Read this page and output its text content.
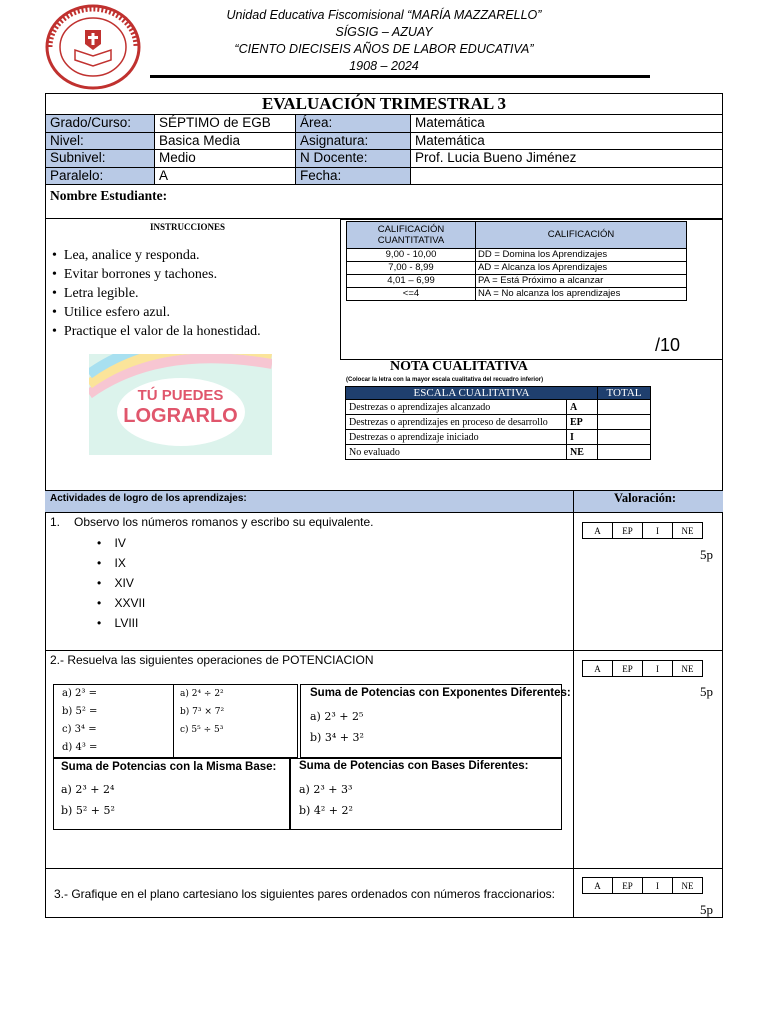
Unidad Educativa Fiscomisional “MARÍA MAZZARELLO”
SÍGSIG – AZUAY
“CIENTO DIECISEIS AÑOS DE LABOR EDUCATIVA”
1908 – 2024
EVALUACIÓN TRIMESTRAL 3
Grado/Curso:	SÉPTIMO de EGB	Área:	Matemática
Nivel:	Basica Media	Asignatura:	Matemática
Subnivel:	Medio	N Docente:	Prof. Lucia Bueno Jiménez
Paralelo:	A	Fecha:	
Nombre Estudiante:
INSTRUCCIONES
•  Lea, analice y responda.
•  Evitar borrones y tachones.
•  Letra legible.
•  Utilice esfero azul.
•  Practique el valor de la honestidad.
TÚ PUEDES
LOGRARLO
CALIFICACIÓN CUANTITATIVA	CALIFICACIÓN
9,00 - 10,00	DD = Domina los Aprendizajes
7,00 - 8,99	AD = Alcanza los Aprendizajes
4,01 – 6,99	PA = Está Próximo a alcanzar
<=4	NA = No alcanza los aprendizajes
/10
NOTA CUALITATIVA
(Colocar la letra con la mayor escala cualitativa del recuadro inferior)
ESCALA CUALITATIVA		TOTAL
Destrezas o aprendizajes alcanzado	A	
Destrezas o aprendizajes en proceso de desarrollo	EP	
Destrezas o aprendizaje iniciado	I	
No evaluado	NE	
Actividades de logro de los aprendizajes:	Valoración:
1. Observo los números romanos y escribo su equivalente.
•    IV
•    IX
•    XIV
•    XXVII
•    LVIII
A	EP	I	NE
5p
2.- Resuelva las siguientes operaciones de POTENCIACION
A	EP	I	NE
5p
a) 2³ =
b) 5² =
c) 3⁴ =
d) 4³ =
a) 2⁴ ÷ 2²
b) 7³ × 7²
c) 5⁵ ÷ 5³
Suma de Potencias con Exponentes Diferentes:
a) 2³ + 2⁵
b) 3⁴ + 3²
Suma de Potencias con la Misma Base:
a) 2³ + 2⁴
b) 5² + 5²
Suma de Potencias con Bases Diferentes:
a) 2³ + 3³
b) 4² + 2²
3.- Grafique en el plano cartesiano los siguientes pares ordenados con números fraccionarios:
A	EP	I	NE
5p
